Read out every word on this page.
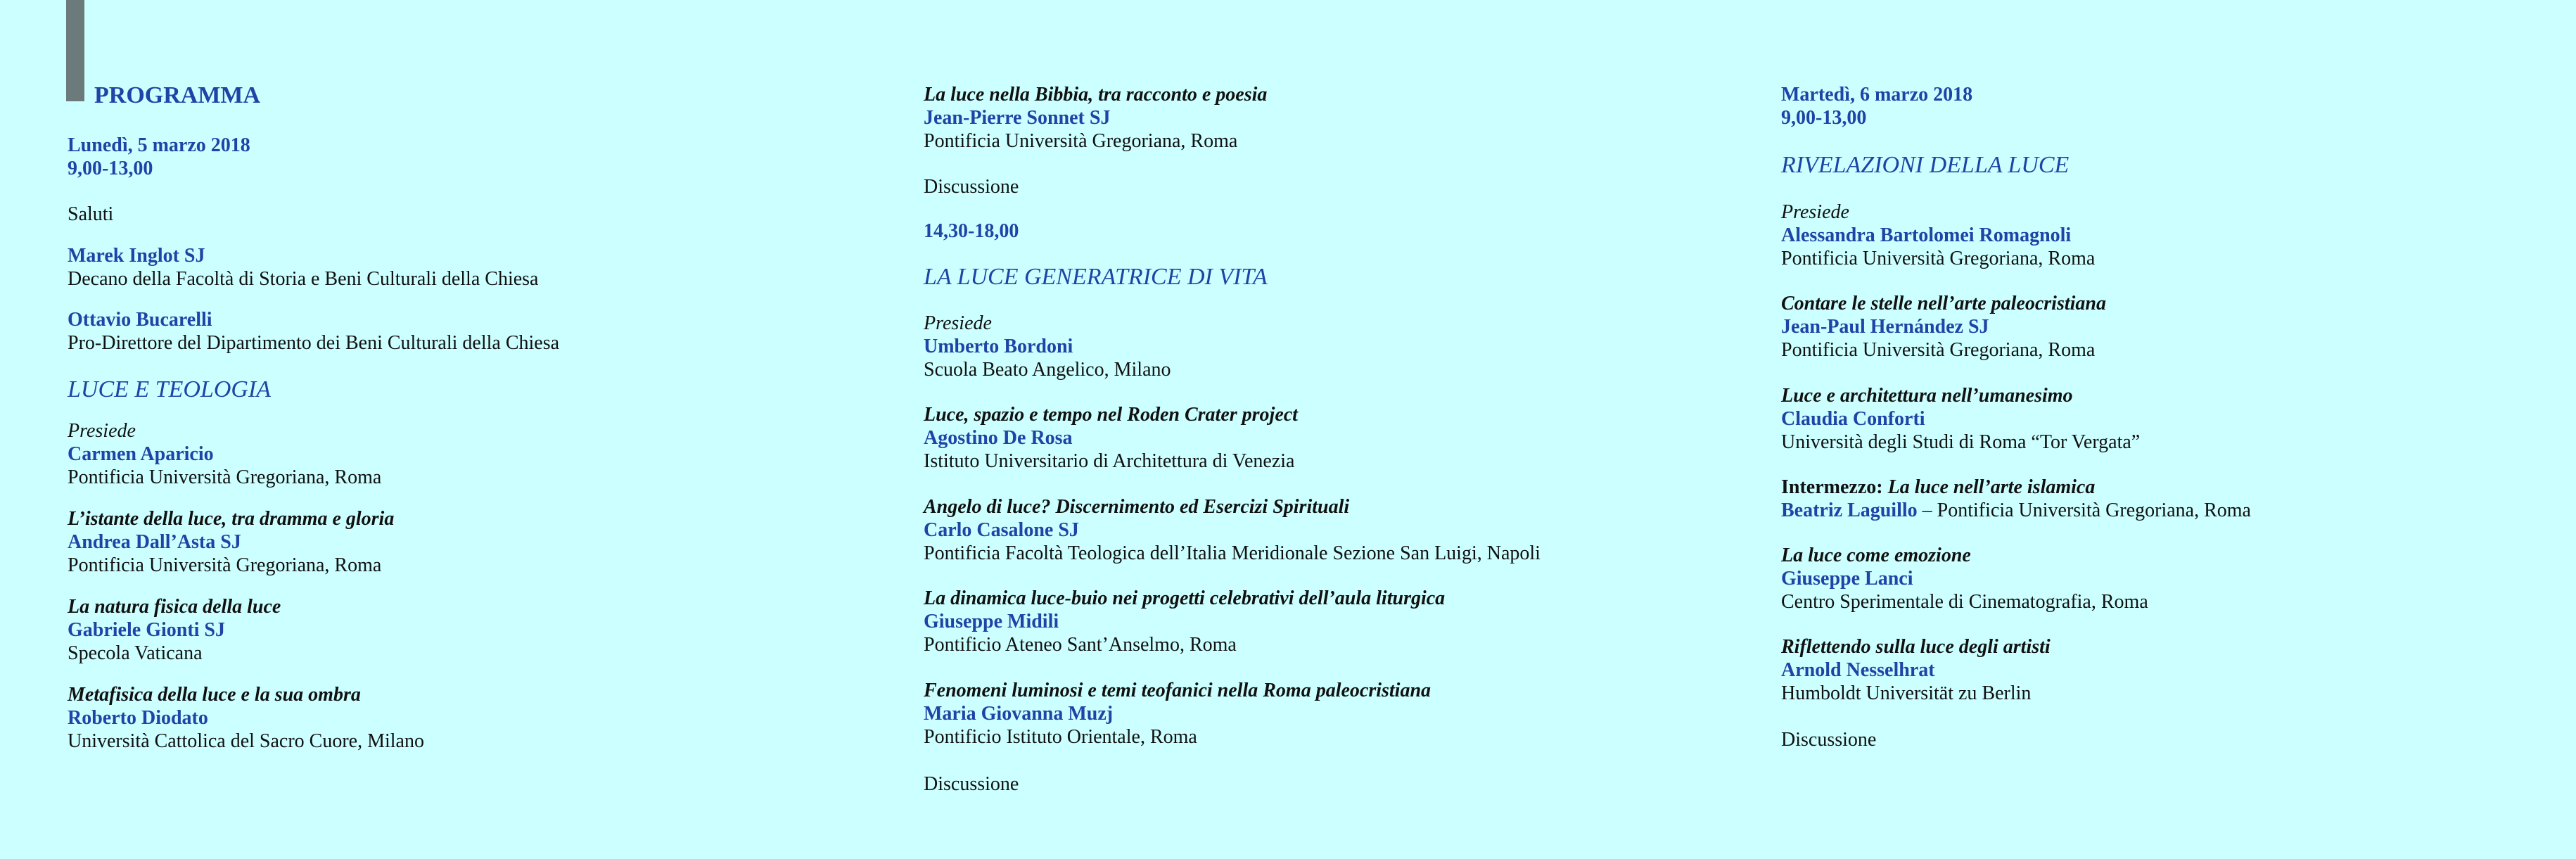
PROGRAMMA
Lunedì, 5 marzo 2018
9,00-13,00
Saluti
Marek Inglot SJ
Decano della Facoltà di Storia e Beni Culturali della Chiesa
Ottavio Bucarelli
Pro-Direttore del Dipartimento dei Beni Culturali della Chiesa
LUCE E TEOLOGIA
Presiede
Carmen Aparicio
Pontificia Università Gregoriana, Roma
L’istante della luce, tra dramma e gloria
Andrea Dall’Asta SJ
Pontificia Università Gregoriana, Roma
La natura fisica della luce
Gabriele Gionti SJ
Specola Vaticana
Metafisica della luce e la sua ombra
Roberto Diodato
Università Cattolica del Sacro Cuore, Milano
La luce nella Bibbia, tra racconto e poesia
Jean-Pierre Sonnet SJ
Pontificia Università Gregoriana, Roma
Discussione
14,30-18,00
LA LUCE GENERATRICE DI VITA
Presiede
Umberto Bordoni
Scuola Beato Angelico, Milano
Luce, spazio e tempo nel Roden Crater project
Agostino De Rosa
Istituto Universitario di Architettura di Venezia
Angelo di luce? Discernimento ed Esercizi Spirituali
Carlo Casalone SJ
Pontificia Facoltà Teologica dell’Italia Meridionale Sezione San Luigi, Napoli
La dinamica luce-buio nei progetti celebrativi dell’aula liturgica
Giuseppe Midili
Pontificio Ateneo Sant’Anselmo, Roma
Fenomeni luminosi e temi teofanici nella Roma paleocristiana
Maria Giovanna Muzj
Pontificio Istituto Orientale, Roma
Discussione
Martedì, 6 marzo 2018
9,00-13,00
RIVELAZIONI DELLA LUCE
Presiede
Alessandra Bartolomei Romagnoli
Pontificia Università Gregoriana, Roma
Contare le stelle nell’arte paleocristiana
Jean-Paul Hernández SJ
Pontificia Università Gregoriana, Roma
Luce e architettura nell’umanesimo
Claudia Conforti
Università degli Studi di Roma “Tor Vergata”
Intermezzo: La luce nell’arte islamica
Beatriz Laguillo – Pontificia Università Gregoriana, Roma
La luce come emozione
Giuseppe Lanci
Centro Sperimentale di Cinematografia, Roma
Riflettendo sulla luce degli artisti
Arnold Nesselhrat
Humboldt Universität zu Berlin
Discussione
